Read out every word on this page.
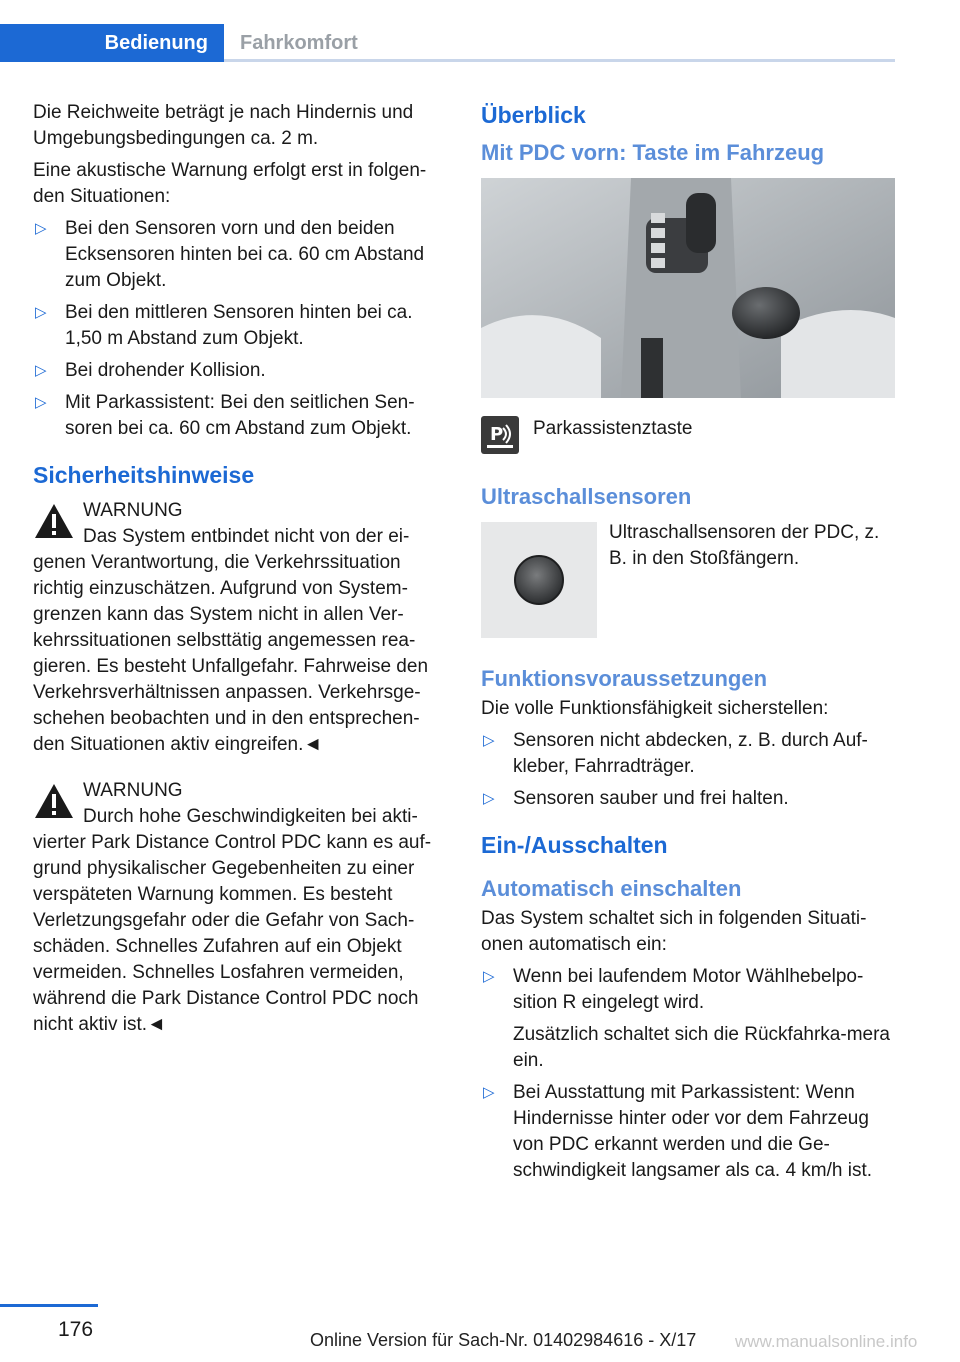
Bedienung	Fahrkomfort

Die Reichweite beträgt je nach Hindernis und Umgebungsbedingungen ca. 2 m.

Eine akustische Warnung erfolgt erst in folgen-den Situationen:

▷ Bei den Sensoren vorn und den beiden Ecksensoren hinten bei ca. 60 cm Abstand zum Objekt.
▷ Bei den mittleren Sensoren hinten bei ca. 1,50 m Abstand zum Objekt.
▷ Bei drohender Kollision.
▷ Mit Parkassistent: Bei den seitlichen Sen-soren bei ca. 60 cm Abstand zum Objekt.
Sicherheitshinweise
WARNUNG
Das System entbindet nicht von der ei-genen Verantwortung, die Verkehrssituation richtig einzuschätzen. Aufgrund von System-grenzen kann das System nicht in allen Ver-kehrssituationen selbsttätig angemessen rea-gieren. Es besteht Unfallgefahr. Fahrweise den Verkehrsverhältnissen anpassen. Verkehrsge-schehen beobachten und in den entsprechen-den Situationen aktiv eingreifen.◄
WARNUNG
Durch hohe Geschwindigkeiten bei akti-vierter Park Distance Control PDC kann es auf-grund physikalischer Gegebenheiten zu einer verspäteten Warnung kommen. Es besteht Verletzungsgefahr oder die Gefahr von Sach-schäden. Schnelles Zufahren auf ein Objekt vermeiden. Schnelles Losfahren vermeiden, während die Park Distance Control PDC noch nicht aktiv ist.◄
Überblick
Mit PDC vorn: Taste im Fahrzeug
P Parkassistenztaste
Ultraschallsensoren
Ultraschallsensoren der PDC, z. B. in den Stoßfängern.
Funktionsvoraussetzungen

Die volle Funktionsfähigkeit sicherstellen:

▷ Sensoren nicht abdecken, z. B. durch Auf-kleber, Fahrradträger.
▷ Sensoren sauber und frei halten.
Ein-/Ausschalten
Automatisch einschalten

Das System schaltet sich in folgenden Situati-onen automatisch ein:

▷ Wenn bei laufendem Motor Wählhebelpo-sition R eingelegt wird.
Zusätzlich schaltet sich die Rückfahrka-mera ein.
▷ Bei Ausstattung mit Parkassistent: Wenn Hindernisse hinter oder vor dem Fahrzeug von PDC erkannt werden und die Ge-schwindigkeit langsamer als ca. 4 km/h ist.
176	Online Version für Sach-Nr. 01402984616 - X/17 www.manualsonline.info
